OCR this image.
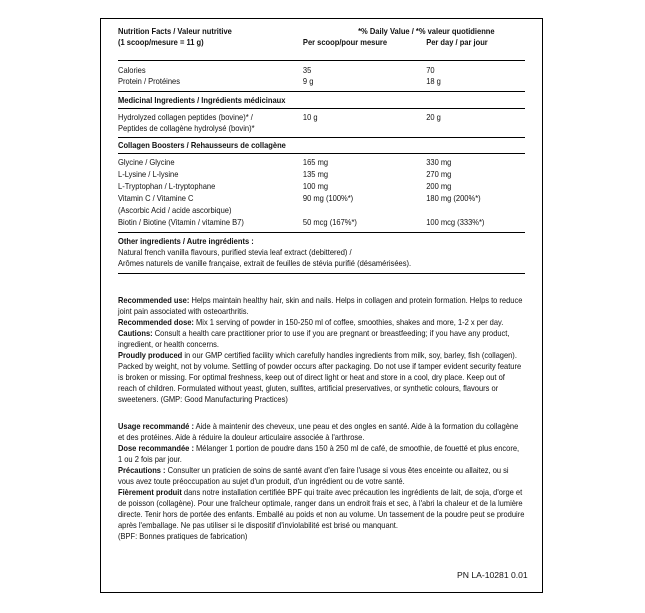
Nutrition Facts / Valeur nutritive	*% Daily Value / *% valeur quotidienne
(1 scoop/mesure = 11 g)	Per scoop/pour mesure	Per day / par jour
Calories	35	70
Protein / Protéines	9 g	18 g
Medicinal Ingredients / Ingrédients médicinaux
Hydrolyzed collagen peptides (bovine)* /	10 g	20 g
Peptides de collagène hydrolysé (bovin)*
Collagen Boosters / Rehausseurs de collagène
Glycine / Glycine	165 mg	330 mg
L-Lysine / L-lysine	135 mg	270 mg
L-Tryptophan / L-tryptophane	100 mg	200 mg
Vitamin C / Vitamine C	90 mg (100%*)	180 mg (200%*)
(Ascorbic Acid / acide ascorbique)
Biotin / Biotine (Vitamin / vitamine B7)	50 mcg (167%*)	100 mcg (333%*)
Other ingredients / Autre ingrédients :
Natural french vanilla flavours, purified stevia leaf extract (debittered) /
Arômes naturels de vanille française, extrait de feuilles de stévia purifié (désamérisées).

Recommended use: Helps maintain healthy hair, skin and nails. Helps in collagen and protein formation. Helps to reduce joint pain associated with osteoarthritis.

Recommended dose: Mix 1 serving of powder in 150-250 ml of coffee, smoothies, shakes and more, 1-2 x per day.

Cautions: Consult a health care practitioner prior to use if you are pregnant or breastfeeding; if you have any product, ingredient, or health concerns.

Proudly produced in our GMP certified facility which carefully handles ingredients from milk, soy, barley, fish (collagen). Packed by weight, not by volume. Settling of powder occurs after packaging. Do not use if tamper evident security feature is broken or missing. For optimal freshness, keep out of direct light or heat and store in a cool, dry place. Keep out of reach of children. Formulated without yeast, gluten, sulfites, artificial preservatives, or synthetic colours, flavours or sweeteners. (GMP: Good Manufacturing Practices)

Usage recommandé : Aide à maintenir des cheveux, une peau et des ongles en santé. Aide à la formation du collagène et des protéines. Aide à réduire la douleur articulaire associée à l'arthrose.

Dose recommandée : Mélanger 1 portion de poudre dans 150 à 250 ml de café, de smoothie, de fouetté et plus encore, 1 ou 2 fois par jour.

Précautions : Consulter un praticien de soins de santé avant d'en faire l'usage si vous êtes enceinte ou allaitez, ou si vous avez toute préoccupation au sujet d'un produit, d'un ingrédient ou de votre santé.

Fièrement produit dans notre installation certifiée BPF qui traite avec précaution les ingrédients de lait, de soja, d'orge et de poisson (collagène). Pour une fraîcheur optimale, ranger dans un endroit frais et sec, à l'abri la chaleur et de la lumière directe. Tenir hors de portée des enfants. Emballé au poids et non au volume. Un tassement de la poudre peut se produire après l'emballage. Ne pas utiliser si le dispositif d'inviolabilité est brisé ou manquant.

(BPF: Bonnes pratiques de fabrication)

PN LA-10281 0.01
